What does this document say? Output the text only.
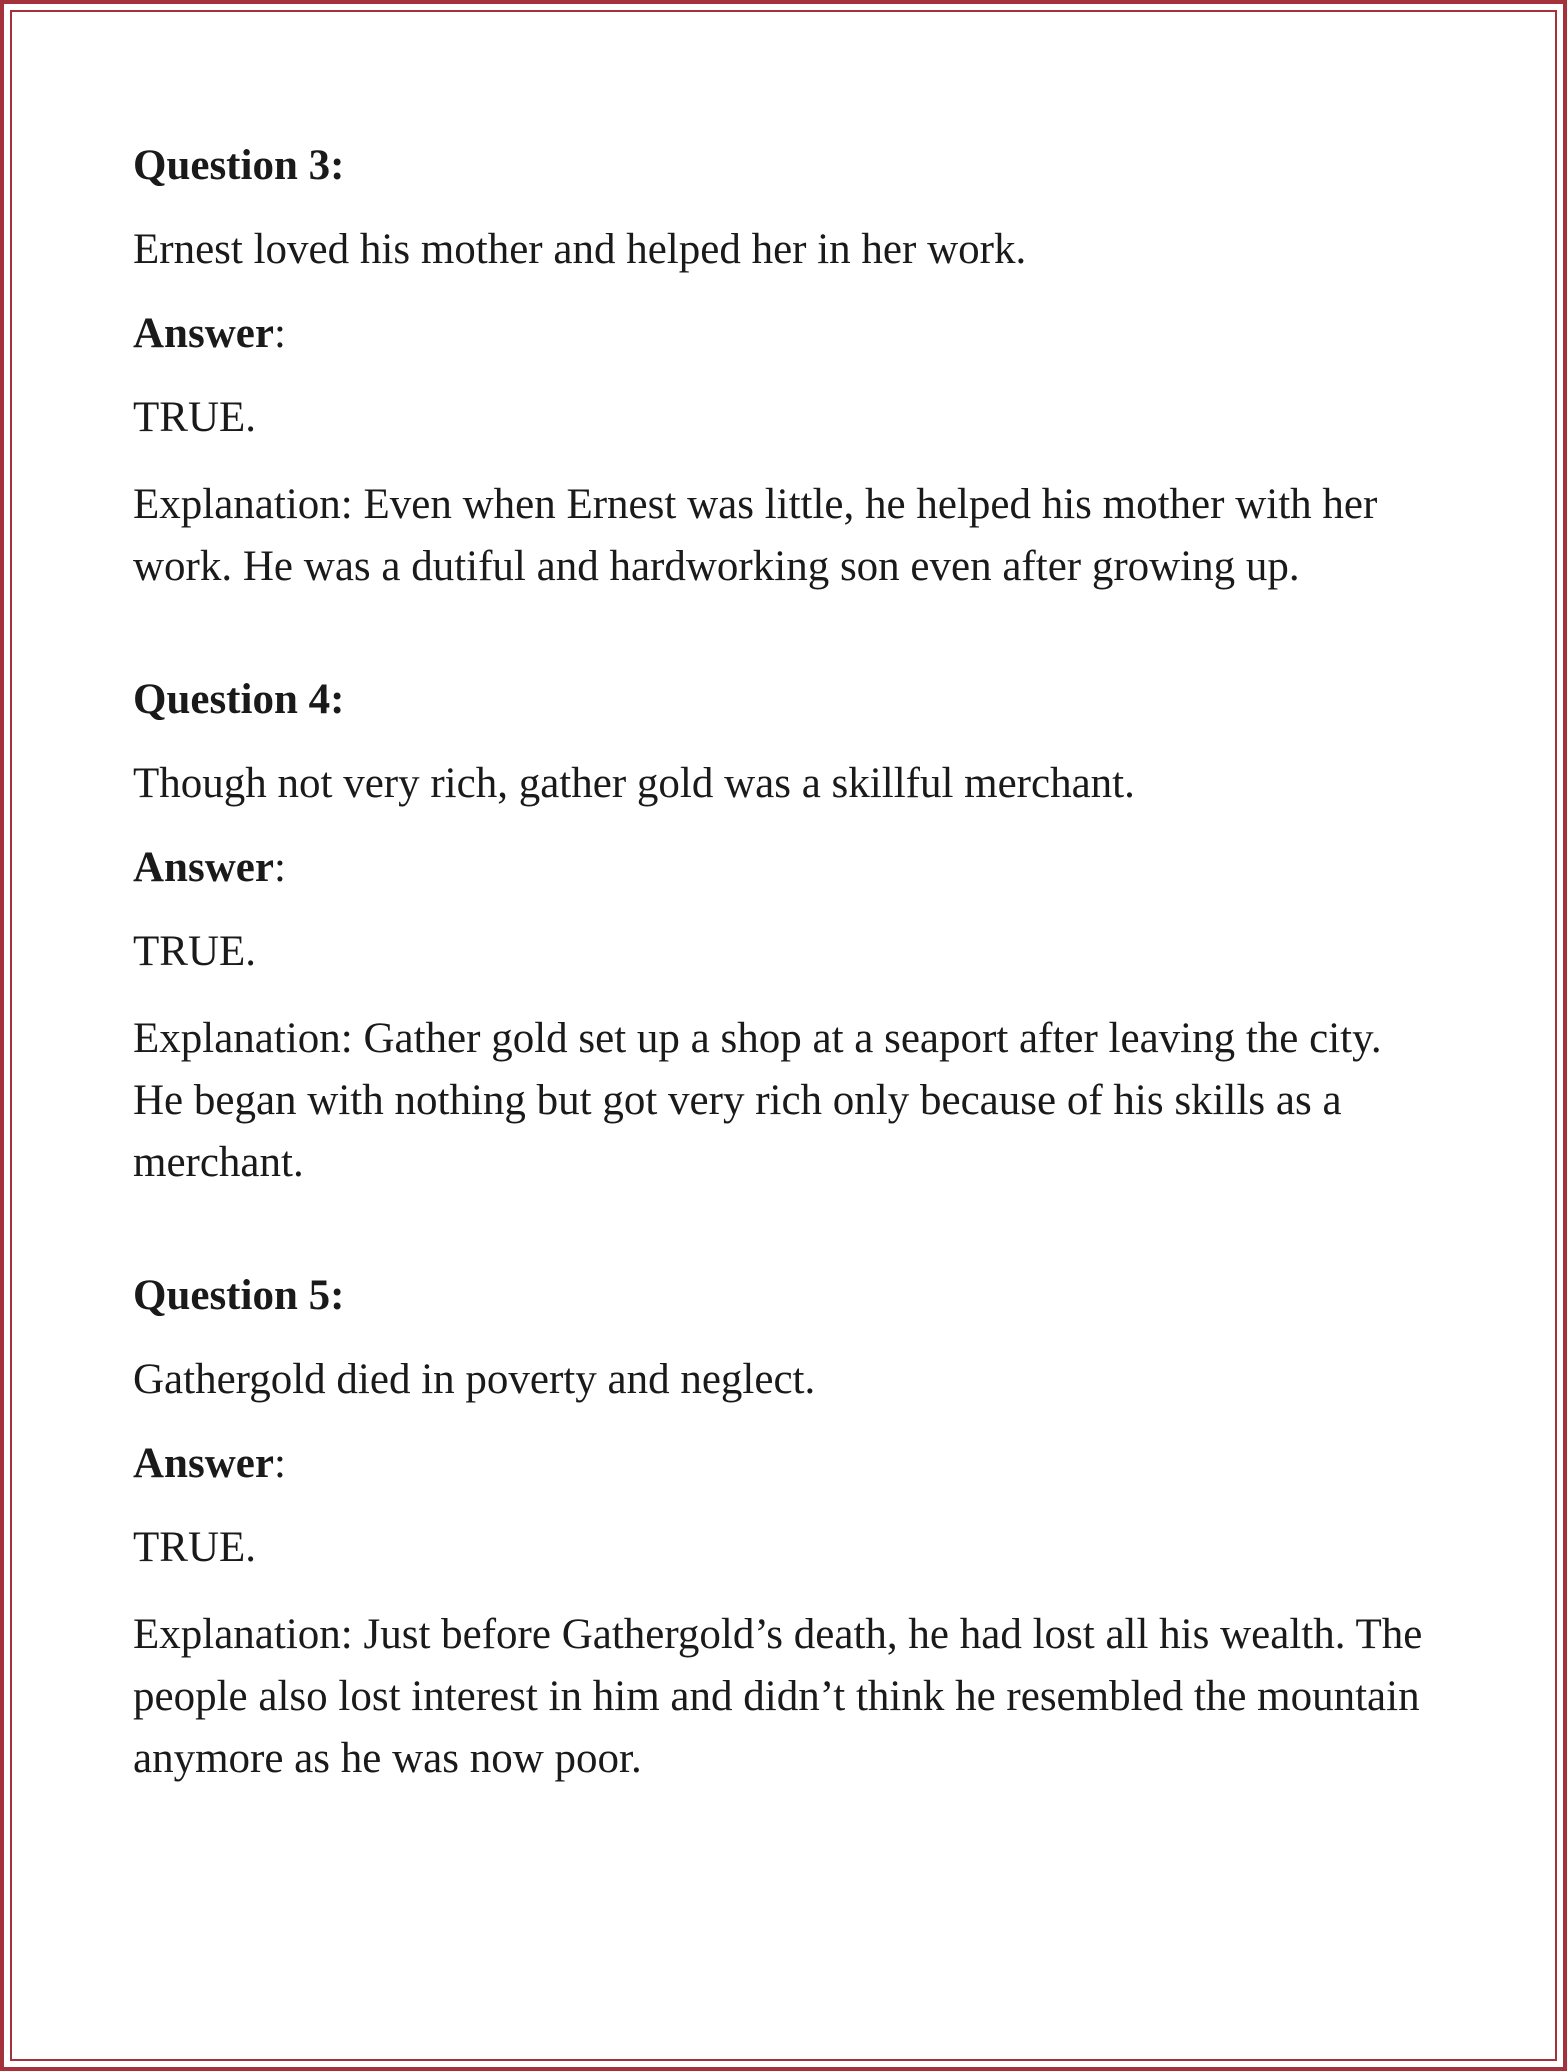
Question 3:
Ernest loved his mother and helped her in her work.
Answer:
TRUE.
Explanation: Even when Ernest was little, he helped his mother with her work. He was a dutiful and hardworking son even after growing up.
Question 4:
Though not very rich, gather gold was a skillful merchant.
Answer:
TRUE.
Explanation: Gather gold set up a shop at a seaport after leaving the city. He began with nothing but got very rich only because of his skills as a merchant.
Question 5:
Gathergold died in poverty and neglect.
Answer:
TRUE.
Explanation: Just before Gathergold’s death, he had lost all his wealth. The people also lost interest in him and didn’t think he resembled the mountain anymore as he was now poor.
